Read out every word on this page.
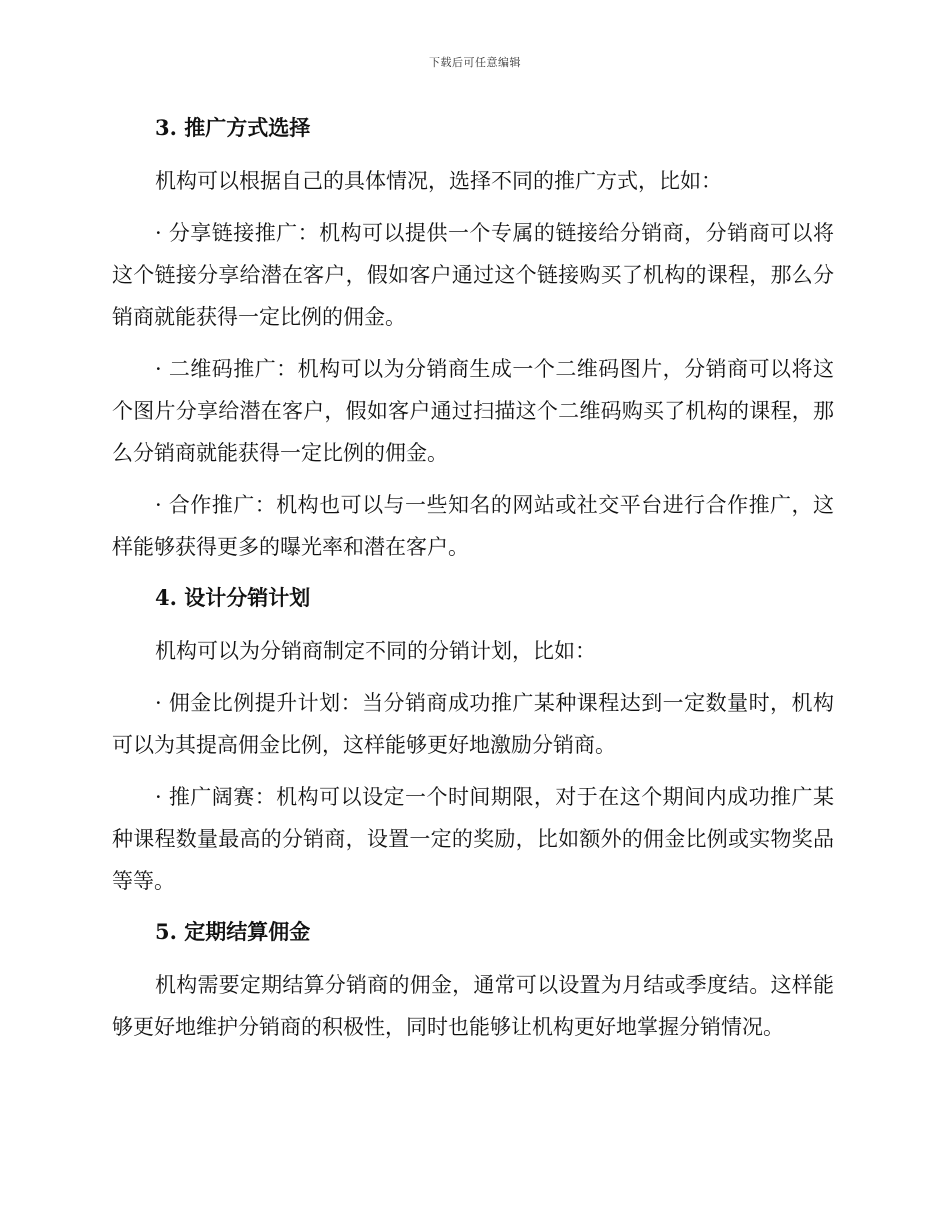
下载后可任意编辑
3. 推广方式选择

机构可以根据自己的具体情况，选择不同的推广方式，比如：

· 分享链接推广：机构可以提供一个专属的链接给分销商，分销商可以将这个链接分享给潜在客户，假如客户通过这个链接购买了机构的课程，那么分销商就能获得一定比例的佣金。

· 二维码推广：机构可以为分销商生成一个二维码图片，分销商可以将这个图片分享给潜在客户，假如客户通过扫描这个二维码购买了机构的课程，那么分销商就能获得一定比例的佣金。

· 合作推广：机构也可以与一些知名的网站或社交平台进行合作推广，这样能够获得更多的曝光率和潜在客户。

4. 设计分销计划

机构可以为分销商制定不同的分销计划，比如：

· 佣金比例提升计划：当分销商成功推广某种课程达到一定数量时，机构可以为其提高佣金比例，这样能够更好地激励分销商。

· 推广阔赛：机构可以设定一个时间期限，对于在这个期间内成功推广某种课程数量最高的分销商，设置一定的奖励，比如额外的佣金比例或实物奖品等等。

5. 定期结算佣金

机构需要定期结算分销商的佣金，通常可以设置为月结或季度结。这样能够更好地维护分销商的积极性，同时也能够让机构更好地掌握分销情况。
